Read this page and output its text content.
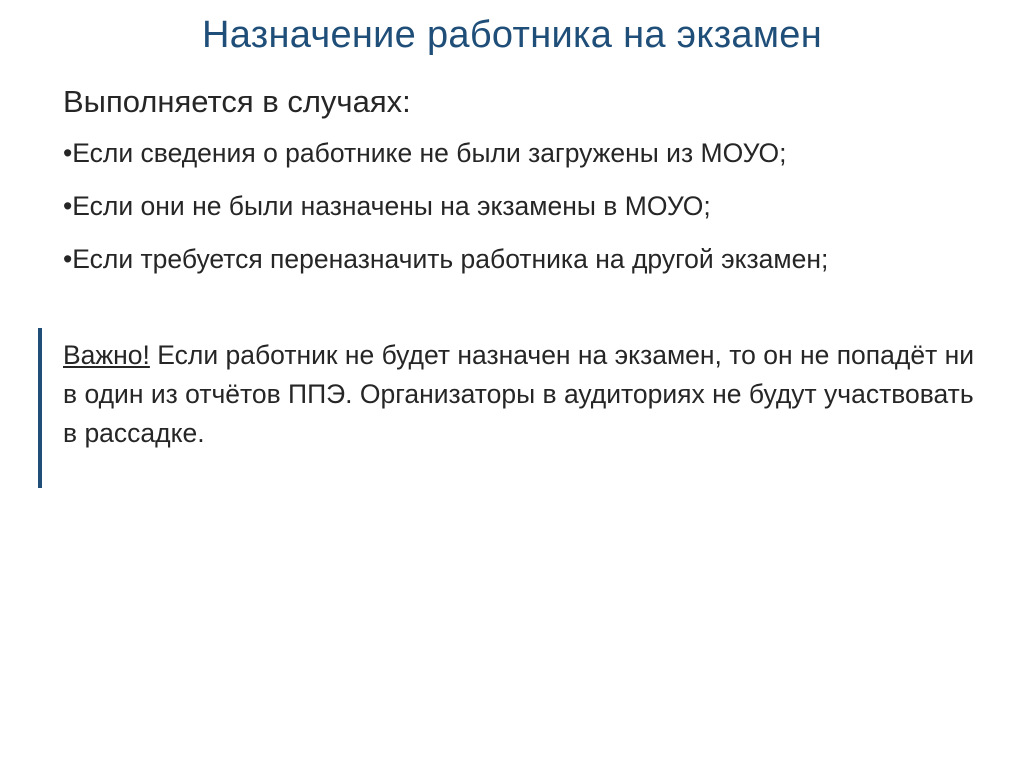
Назначение работника на экзамен
Выполняется в случаях:
•Если сведения о работнике не были загружены из МОУО;
•Если они не были назначены на экзамены в МОУО;
•Если требуется переназначить работника на другой экзамен;
Важно! Если работник не будет назначен на экзамен, то он не попадёт ни в один из отчётов ППЭ. Организаторы в аудиториях не будут участвовать в рассадке.
